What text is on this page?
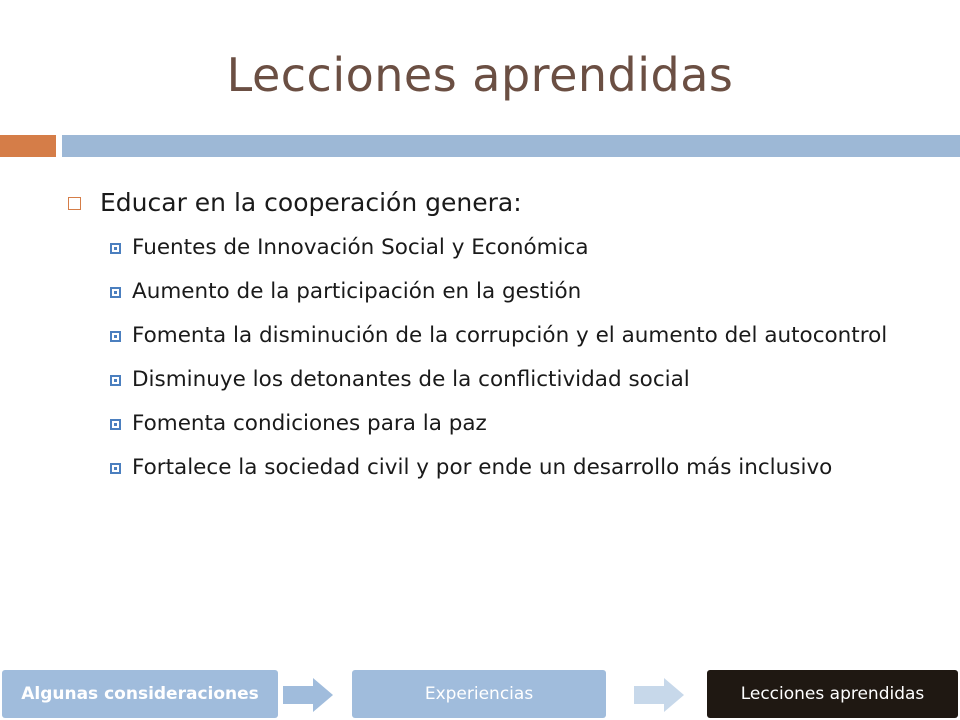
Lecciones aprendidas
Educar en la cooperación genera:
Fuentes de Innovación Social y Económica
Aumento de la participación en la gestión
Fomenta la disminución de la corrupción y el aumento del autocontrol
Disminuye los detonantes de la conflictividad social
Fomenta condiciones para la paz
Fortalece la sociedad civil y por ende un desarrollo más inclusivo
Algunas consideraciones	Experiencias	Lecciones aprendidas
